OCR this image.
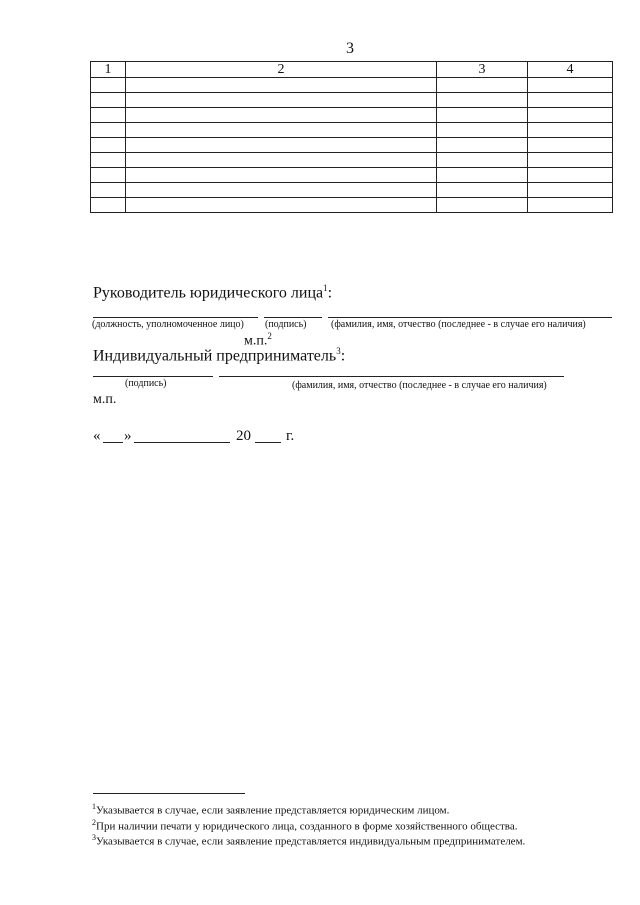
3
1	2	3	4

Руководитель юридического лица$^1$:
(должность, уполномоченное лицо) (подпись) (фамилия, имя, отчество (последнее - в случае его наличия)
м.п.$^2$
Индивидуальный предприниматель$^3$:
(подпись)	(фамилия, имя, отчество (последнее - в случае его наличия)
м.п.
« »	20 г.
$^1$Указывается в случае, если заявление представляется юридическим лицом.
$^2$При наличии печати у юридического лица, созданного в форме хозяйственного общества.
$^3$Указывается в случае, если заявление представляется индивидуальным предпринимателем.
